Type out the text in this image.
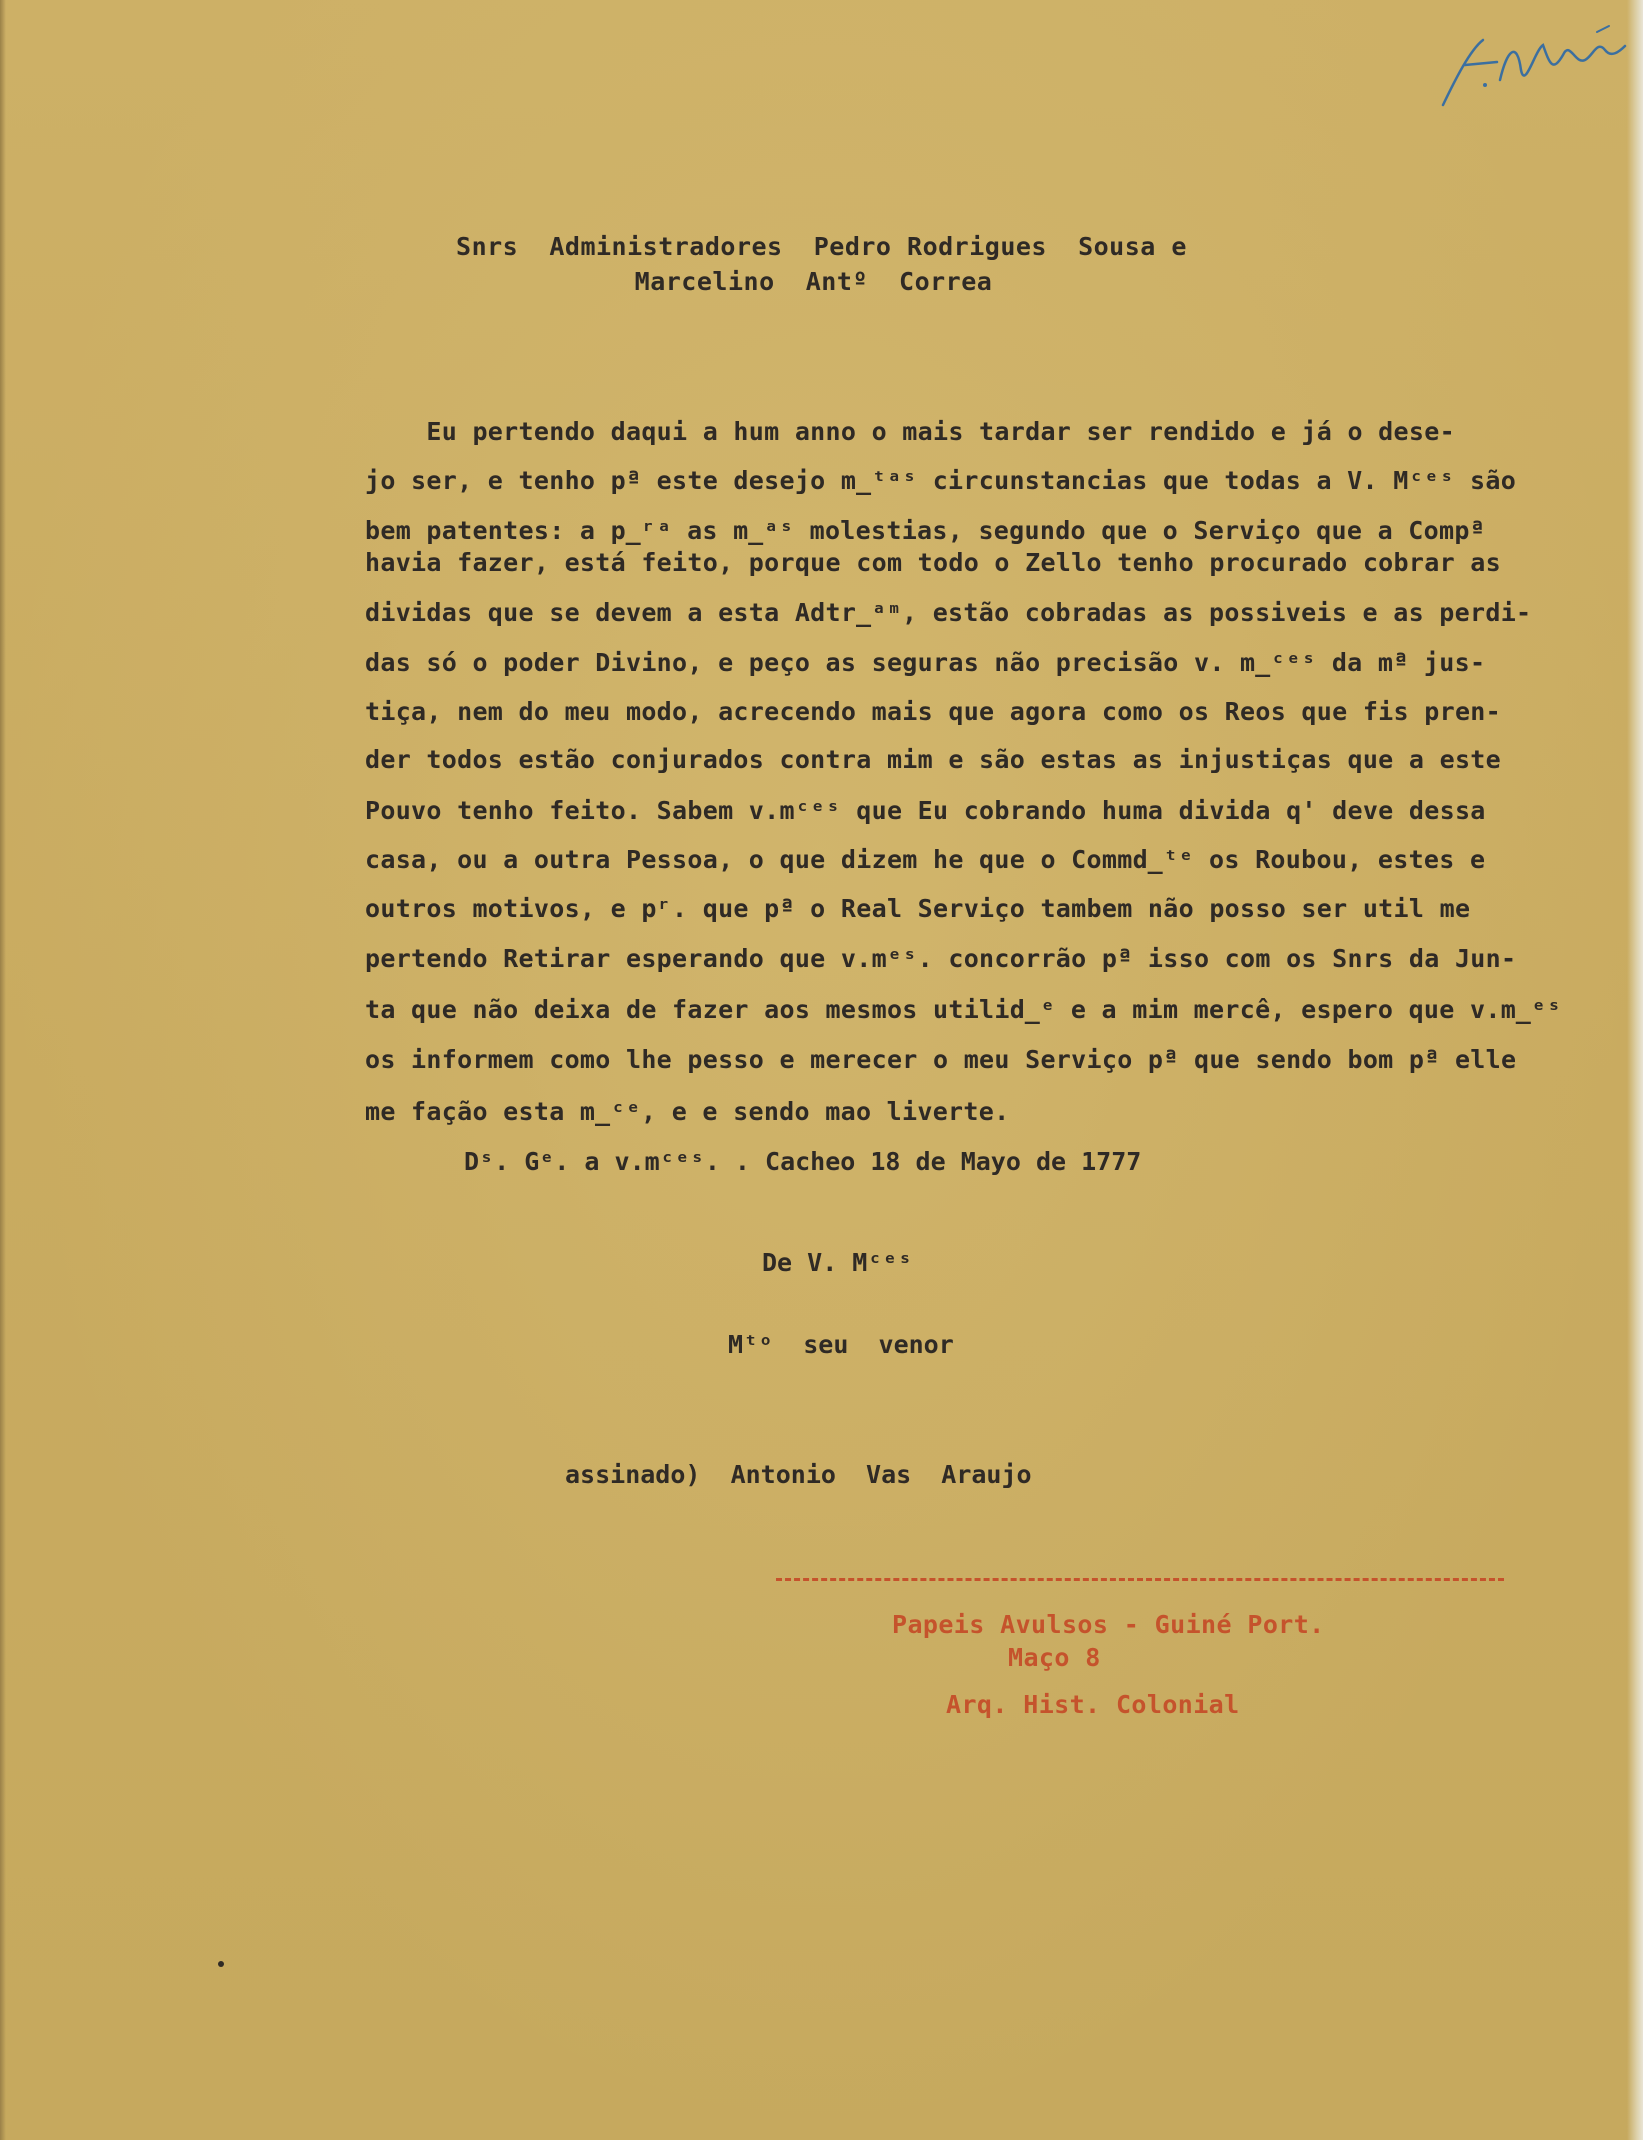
Snrs  Administradores  Pedro Rodrigues  Sousa e
Marcelino  Antº  Correa
Eu pertendo daqui a hum anno o mais tardar ser rendido e já o dese-
jo ser, e tenho pª este desejo m̲ᵗᵃˢ circunstancias que todas a V. Mᶜᵉˢ são
bem patentes: a p̲ʳᵃ as m̲ᵃˢ molestias, segundo que o Serviço que a Compª
havia fazer, está feito, porque com todo o Zello tenho procurado cobrar as
dividas que se devem a esta Adtr̲ᵃᵐ, estão cobradas as possiveis e as perdi-
das só o poder Divino, e peço as seguras não precisão v. m̲ᶜᵉˢ da mª jus-
tiça, nem do meu modo, acrecendo mais que agora como os Reos que fis pren-
der todos estão conjurados contra mim e são estas as injustiças que a este
Pouvo tenho feito. Sabem v.mᶜᵉˢ que Eu cobrando huma divida q' deve dessa
casa, ou a outra Pessoa, o que dizem he que o Commd̲ᵗᵉ os Roubou, estes e
outros motivos, e pʳ. que pª o Real Serviço tambem não posso ser util me
pertendo Retirar esperando que v.mᵉˢ. concorrão pª isso com os Snrs da Jun-
ta que não deixa de fazer aos mesmos utilid̲ᵉ e a mim mercê, espero que v.m̲ᵉˢ
os informem como lhe pesso e merecer o meu Serviço pª que sendo bom pª elle
me fação esta m̲ᶜᵉ, e e sendo mao liverte.
Dˢ. Gᵉ. a v.mᶜᵉˢ. . Cacheo 18 de Mayo de 1777
De V. Mᶜᵉˢ
Mᵗᵒ  seu  venor
assinado)  Antonio  Vas  Araujo
Papeis Avulsos - Guiné Port.
Maço 8
Arq. Hist. Colonial
